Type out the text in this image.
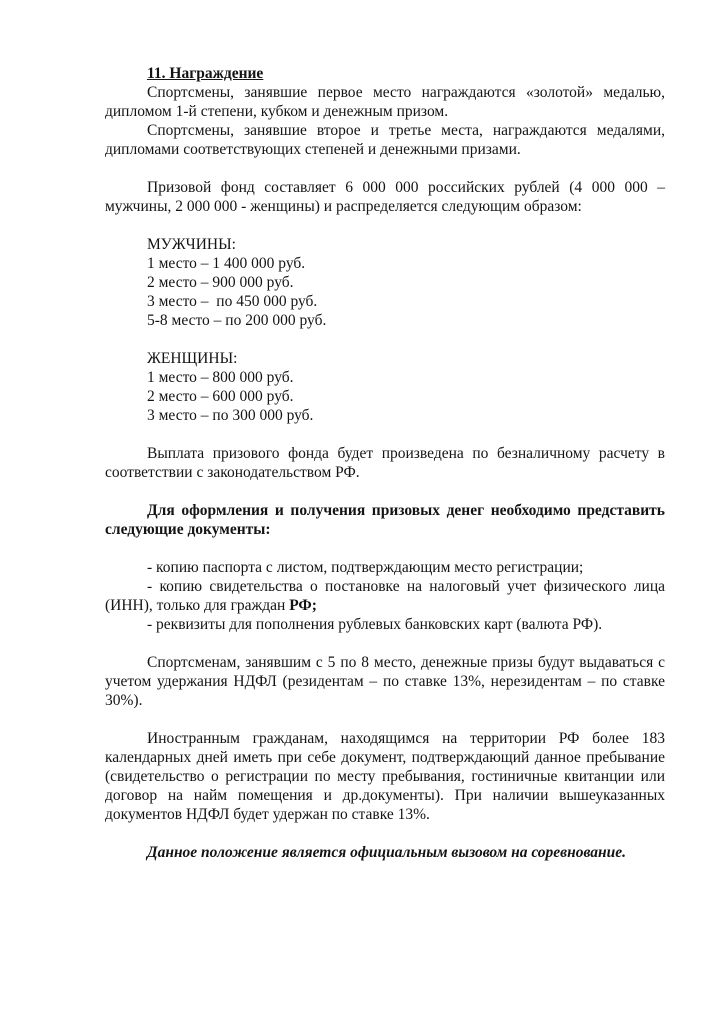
11. Награждение

Спортсмены, занявшие первое место награждаются «золотой» медалью, дипломом 1-й степени, кубком и денежным призом.

Спортсмены, занявшие второе и третье места, награждаются медалями, дипломами соответствующих степеней и денежными призами.

Призовой фонд составляет 6 000 000 российских рублей (4 000 000 – мужчины, 2 000 000 - женщины) и распределяется следующим образом:

МУЖЧИНЫ:
1 место – 1 400 000 руб.
2 место – 900 000 руб.
3 место –  по 450 000 руб.
5-8 место – по 200 000 руб.
ЖЕНЩИНЫ:
1 место – 800 000 руб.
2 место – 600 000 руб.
3 место – по 300 000 руб.

Выплата призового фонда будет произведена по безналичному расчету в соответствии с законодательством РФ.

Для оформления и получения призовых денег необходимо представить следующие документы:

- копию паспорта с листом, подтверждающим место регистрации;

- копию свидетельства о постановке на налоговый учет физического лица (ИНН), только для граждан РФ;

- реквизиты для пополнения рублевых банковских карт (валюта РФ).

Спортсменам, занявшим с 5 по 8 место, денежные призы будут выдаваться с учетом удержания НДФЛ (резидентам – по ставке 13%, нерезидентам – по ставке 30%).

Иностранным гражданам, находящимся на территории РФ более 183 календарных дней иметь при себе документ, подтверждающий данное пребывание (свидетельство о регистрации по месту пребывания, гостиничные квитанции или договор на найм помещения и др.документы). При наличии вышеуказанных документов НДФЛ будет удержан по ставке 13%.

Данное положение является официальным вызовом на соревнование.
